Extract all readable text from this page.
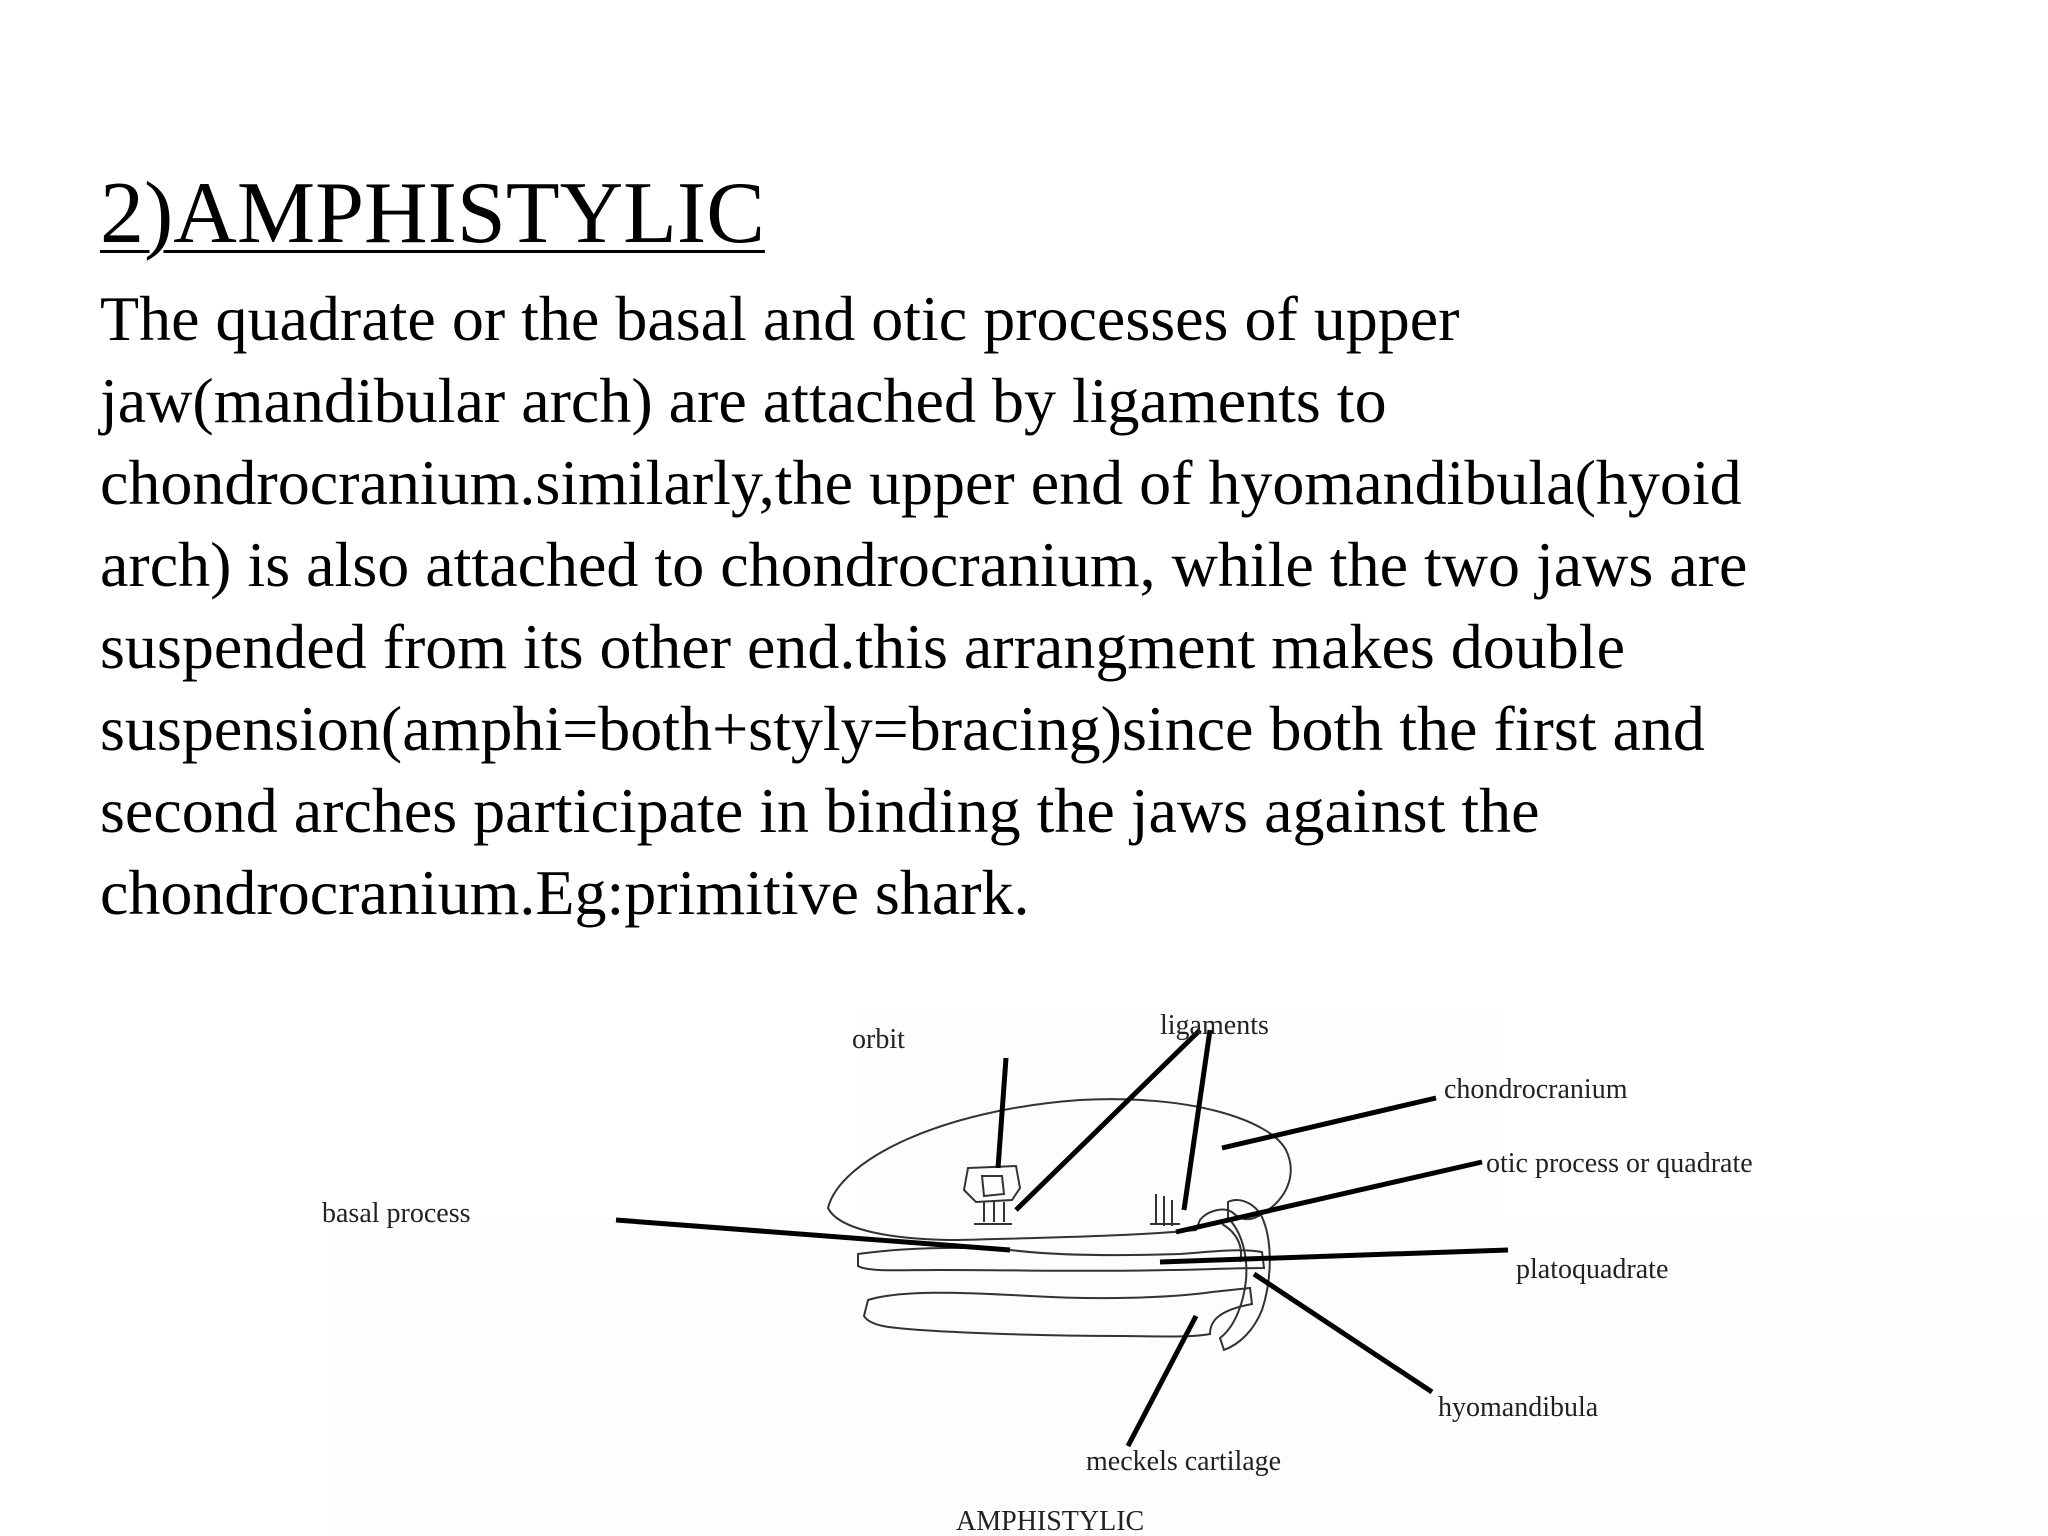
2)AMPHISTYLIC

The quadrate or the basal and otic processes of upper
jaw(mandibular arch) are attached by ligaments to
chondrocranium.similarly,the upper end of hyomandibula(hyoid
arch) is also attached to chondrocranium, while the two jaws are
suspended from its other end.this arrangment makes double
suspension(amphi=both+styly=bracing)since both the first and
second arches participate in binding the jaws against the
chondrocranium.Eg:primitive shark.

orbit	ligaments
chondrocranium
otic process or quadrate
basal process
platoquadrate
hyomandibula
meckels cartilage
AMPHISTYLIC
